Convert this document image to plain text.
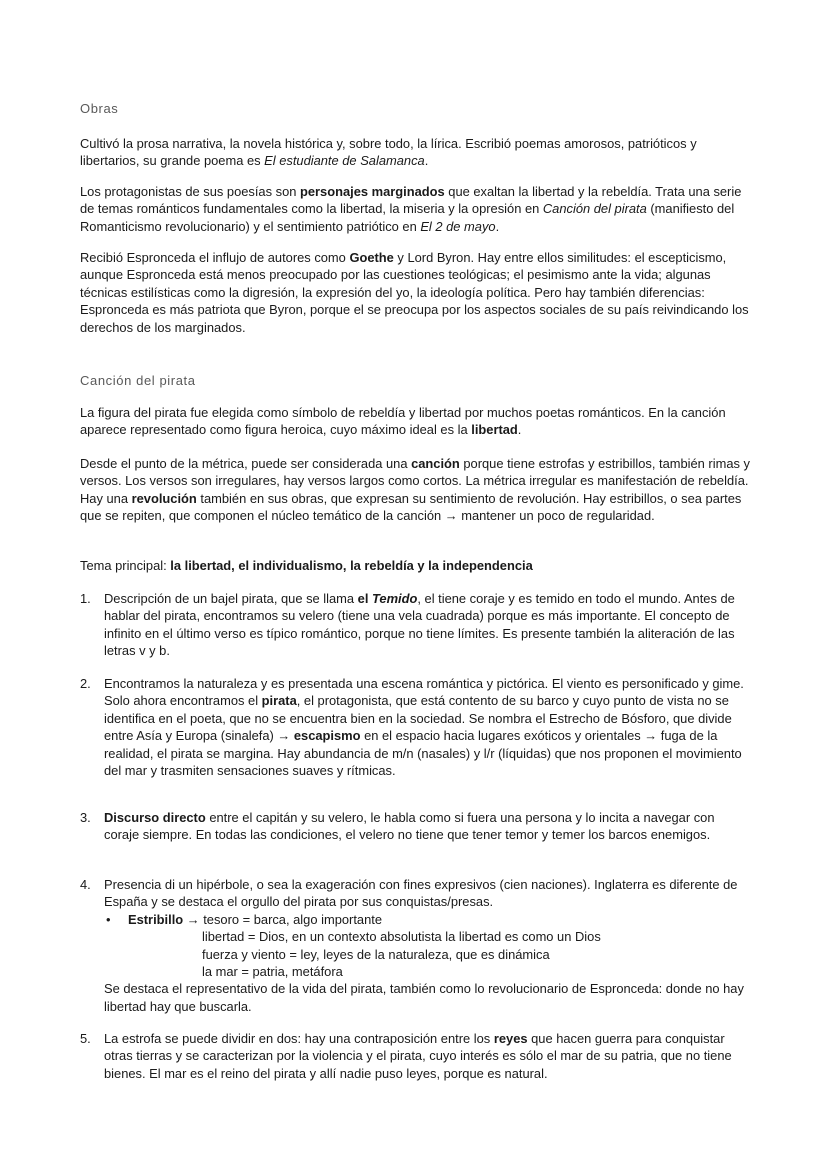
Obras

Cultivó la prosa narrativa, la novela histórica y, sobre todo, la lírica. Escribió poemas amorosos, patrióticos y libertarios, su grande poema es El estudiante de Salamanca.

Los protagonistas de sus poesías son personajes marginados que exaltan la libertad y la rebeldía. Trata una serie de temas románticos fundamentales como la libertad, la miseria y la opresión en Canción del pirata (manifiesto del Romanticismo revolucionario) y el sentimiento patriótico en El 2 de mayo.

Recibió Espronceda el influjo de autores como Goethe y Lord Byron. Hay entre ellos similitudes: el escepticismo, aunque Espronceda está menos preocupado por las cuestiones teológicas; el pesimismo ante la vida; algunas técnicas estilísticas como la digresión, la expresión del yo, la ideología política. Pero hay también diferencias: Espronceda es más patriota que Byron, porque el se preocupa por los aspectos sociales de su país reivindicando los derechos de los marginados.

Canción del pirata

La figura del pirata fue elegida como símbolo de rebeldía y libertad por muchos poetas románticos. En la canción aparece representado como figura heroica, cuyo máximo ideal es la libertad.

Desde el punto de la métrica, puede ser considerada una canción porque tiene estrofas y estribillos, también rimas y versos. Los versos son irregulares, hay versos largos como cortos. La métrica irregular es manifestación de rebeldía. Hay una revolución también en sus obras, que expresan su sentimiento de revolución. Hay estribillos, o sea partes que se repiten, que componen el núcleo temático de la canción → mantener un poco de regularidad.

Tema principal: la libertad, el individualismo, la rebeldía y la independencia

1. Descripción de un bajel pirata, que se llama el Temido, el tiene coraje y es temido en todo el mundo. Antes de hablar del pirata, encontramos su velero (tiene una vela cuadrada) porque es más importante. El concepto de infinito en el último verso es típico romántico, porque no tiene límites. Es presente también la aliteración de las letras v y b.
2. Encontramos la naturaleza y es presentada una escena romántica y pictórica. El viento es personificado y gime. Solo ahora encontramos el pirata, el protagonista, que está contento de su barco y cuyo punto de vista no se identifica en el poeta, que no se encuentra bien en la sociedad. Se nombra el Estrecho de Bósforo, que divide entre Asía y Europa (sinalefa) → escapismo en el espacio hacia lugares exóticos y orientales → fuga de la realidad, el pirata se margina. Hay abundancia de m/n (nasales) y l/r (líquidas) que nos proponen el movimiento del mar y trasmiten sensaciones suaves y rítmicas.
3. Discurso directo entre el capitán y su velero, le habla como si fuera una persona y lo incita a navegar con coraje siempre. En todas las condiciones, el velero no tiene que tener temor y temer los barcos enemigos.
4. Presencia di un hipérbole, o sea la exageración con fines expresivos (cien naciones). Inglaterra es diferente de España y se destaca el orgullo del pirata por sus conquistas/presas.
• Estribillo → tesoro = barca, algo importante
libertad = Dios, en un contexto absolutista la libertad es como un Dios
fuerza y viento = ley, leyes de la naturaleza, que es dinámica
la mar = patria, metáfora
Se destaca el representativo de la vida del pirata, también como lo revolucionario de Espronceda: donde no hay libertad hay que buscarla.
5. La estrofa se puede dividir en dos: hay una contraposición entre los reyes que hacen guerra para conquistar otras tierras y se caracterizan por la violencia y el pirata, cuyo interés es sólo el mar de su patria, que no tiene bienes. El mar es el reino del pirata y allí nadie puso leyes, porque es natural.
